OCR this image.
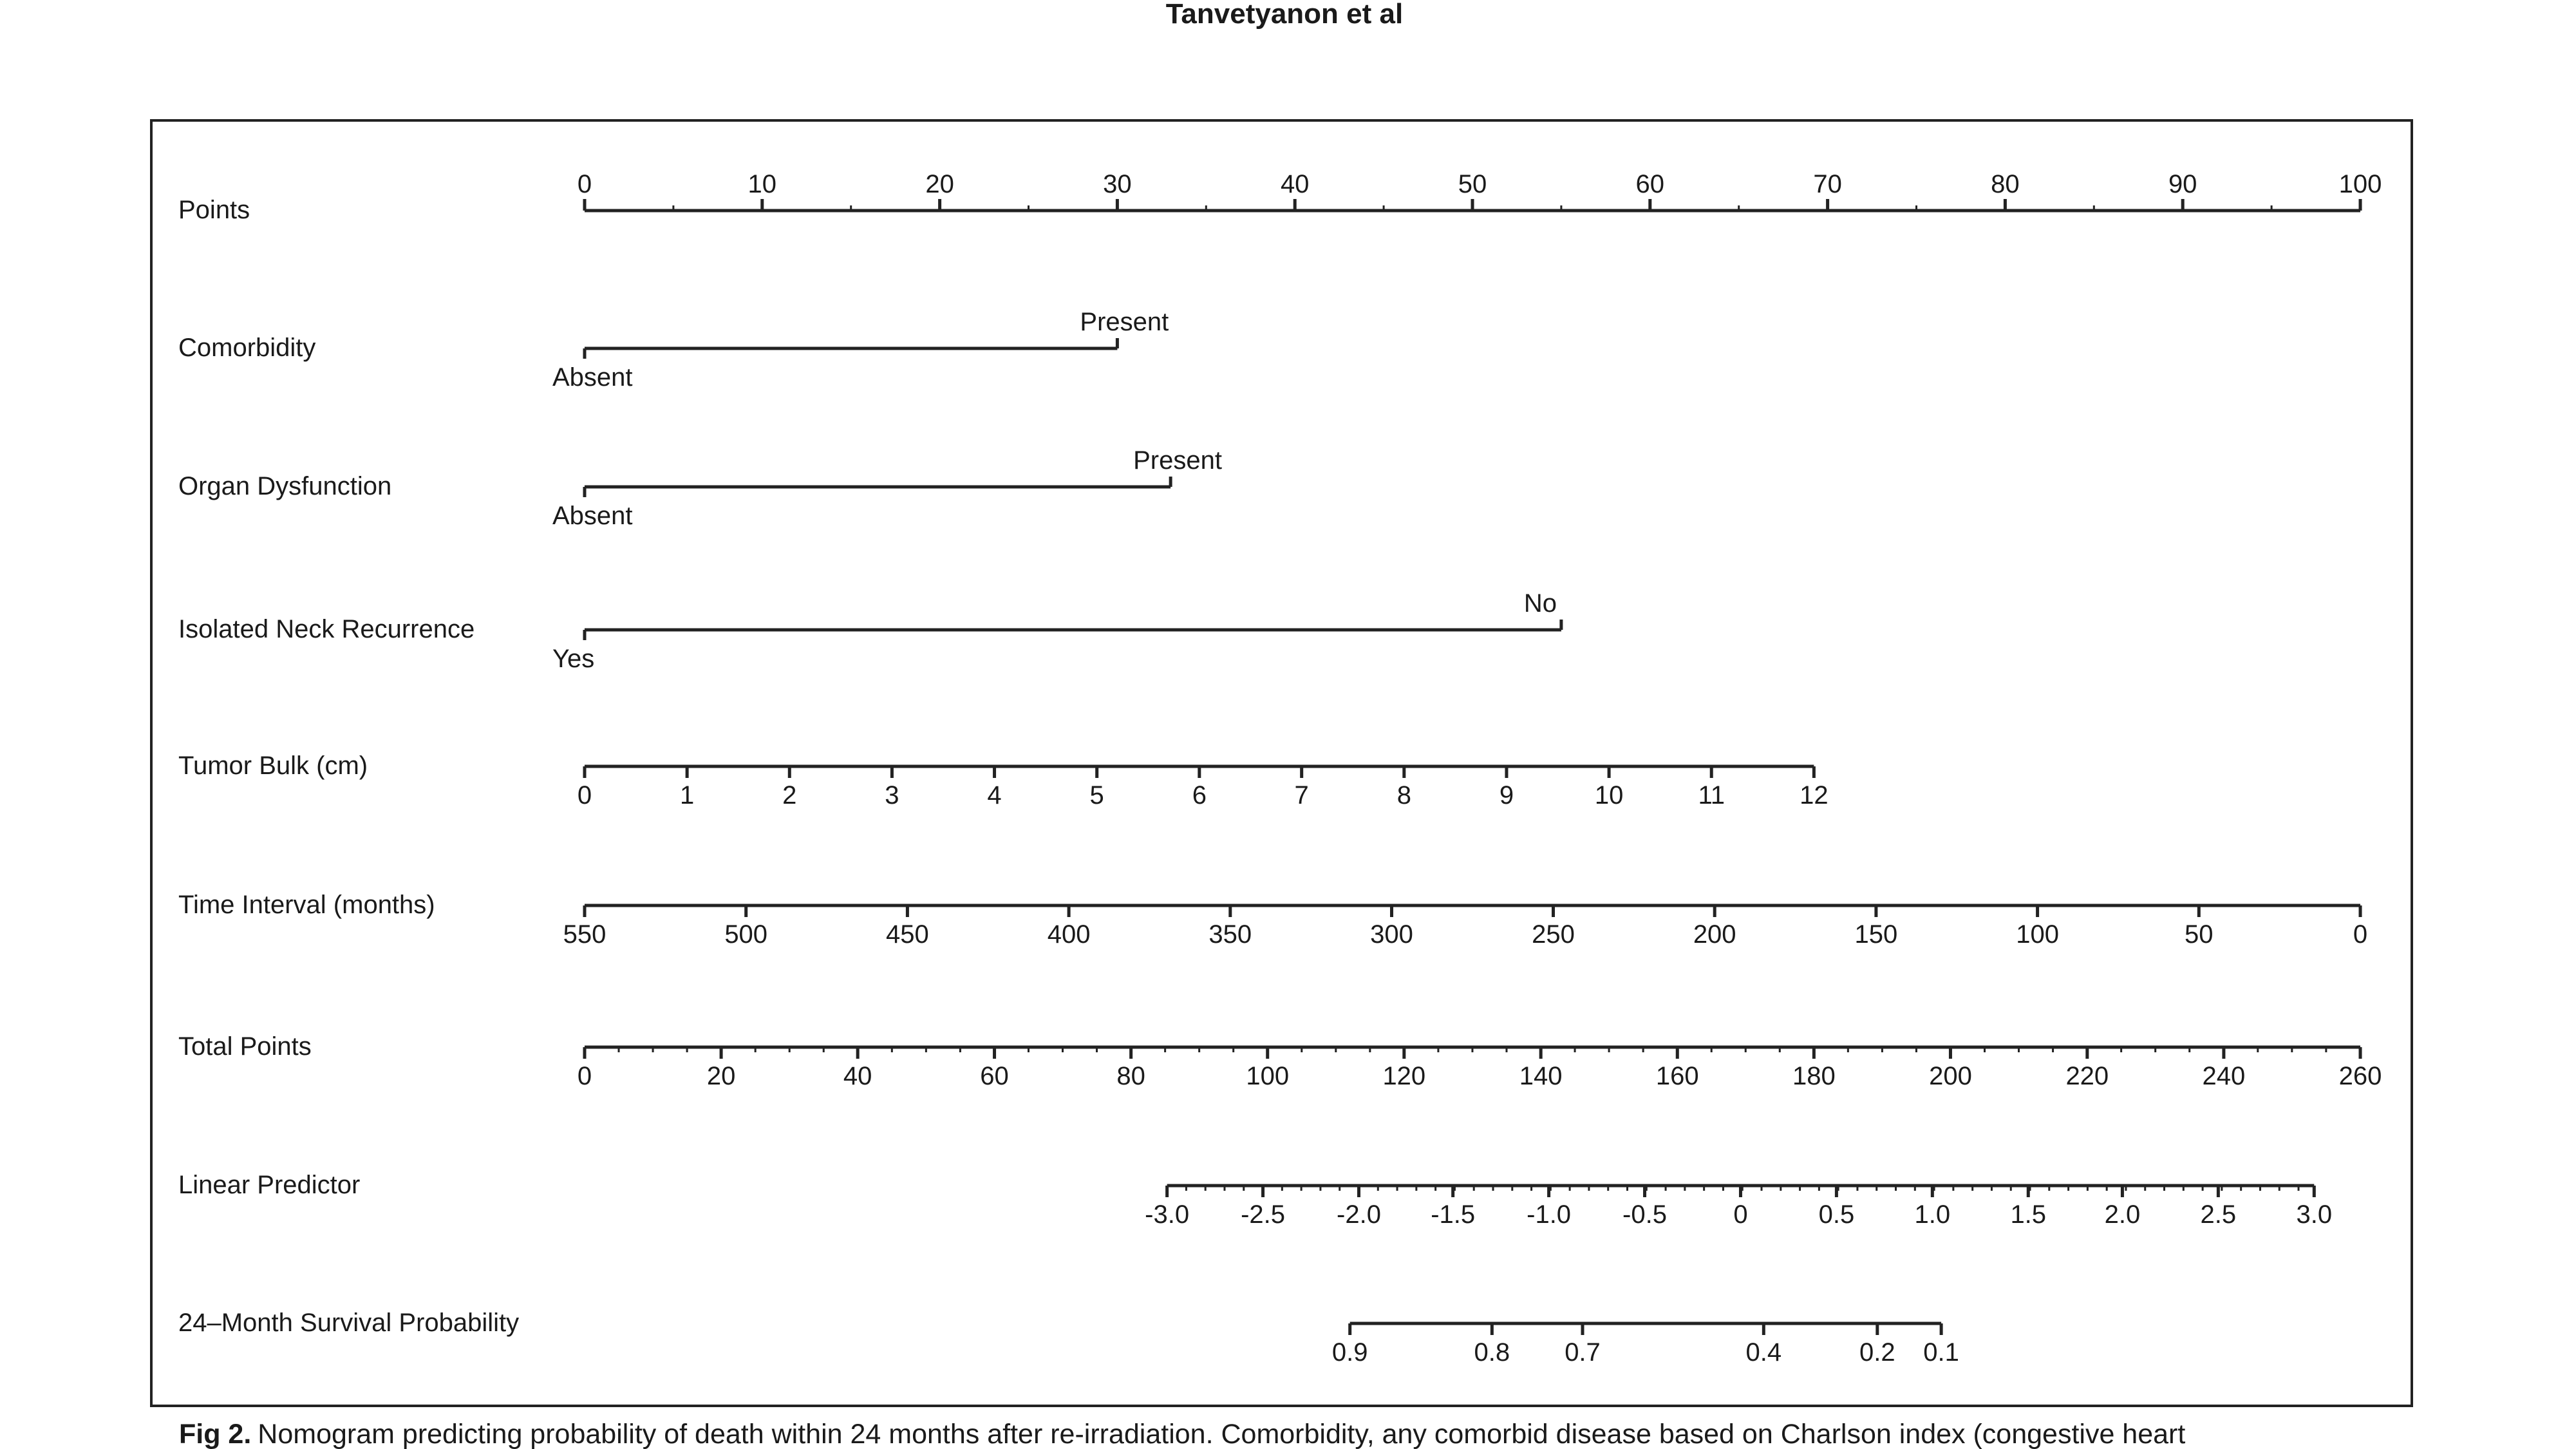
Tanvetyanon et al
Points
0	10	20	30	40	50	60	70	80	90	100
Comorbidity
Absent
Present
Organ Dysfunction
Absent
Present
Isolated Neck Recurrence
Yes
No
Tumor Bulk (cm)
0	1	2	3	4	5	6	7	8	9	10	11	12
Time Interval (months)
550	500	450	400	350	300	250	200	150	100	50	0
Total Points
0	20	40	60	80	100	120	140	160	180	200	220	240	260
Linear Predictor
-3.0 -2.5 -2.0 -1.5 -1.0 -0.5	0	0.5 1.0 1.5 2.0 2.5 3.0
24–Month Survival Probability
0.9	0.8 0.7	0.4	0.2 0.1
Fig 2. Nomogram predicting probability of death within 24 months after re-irradiation. Comorbidity, any comorbid disease based on Charlson index (congestive heart
